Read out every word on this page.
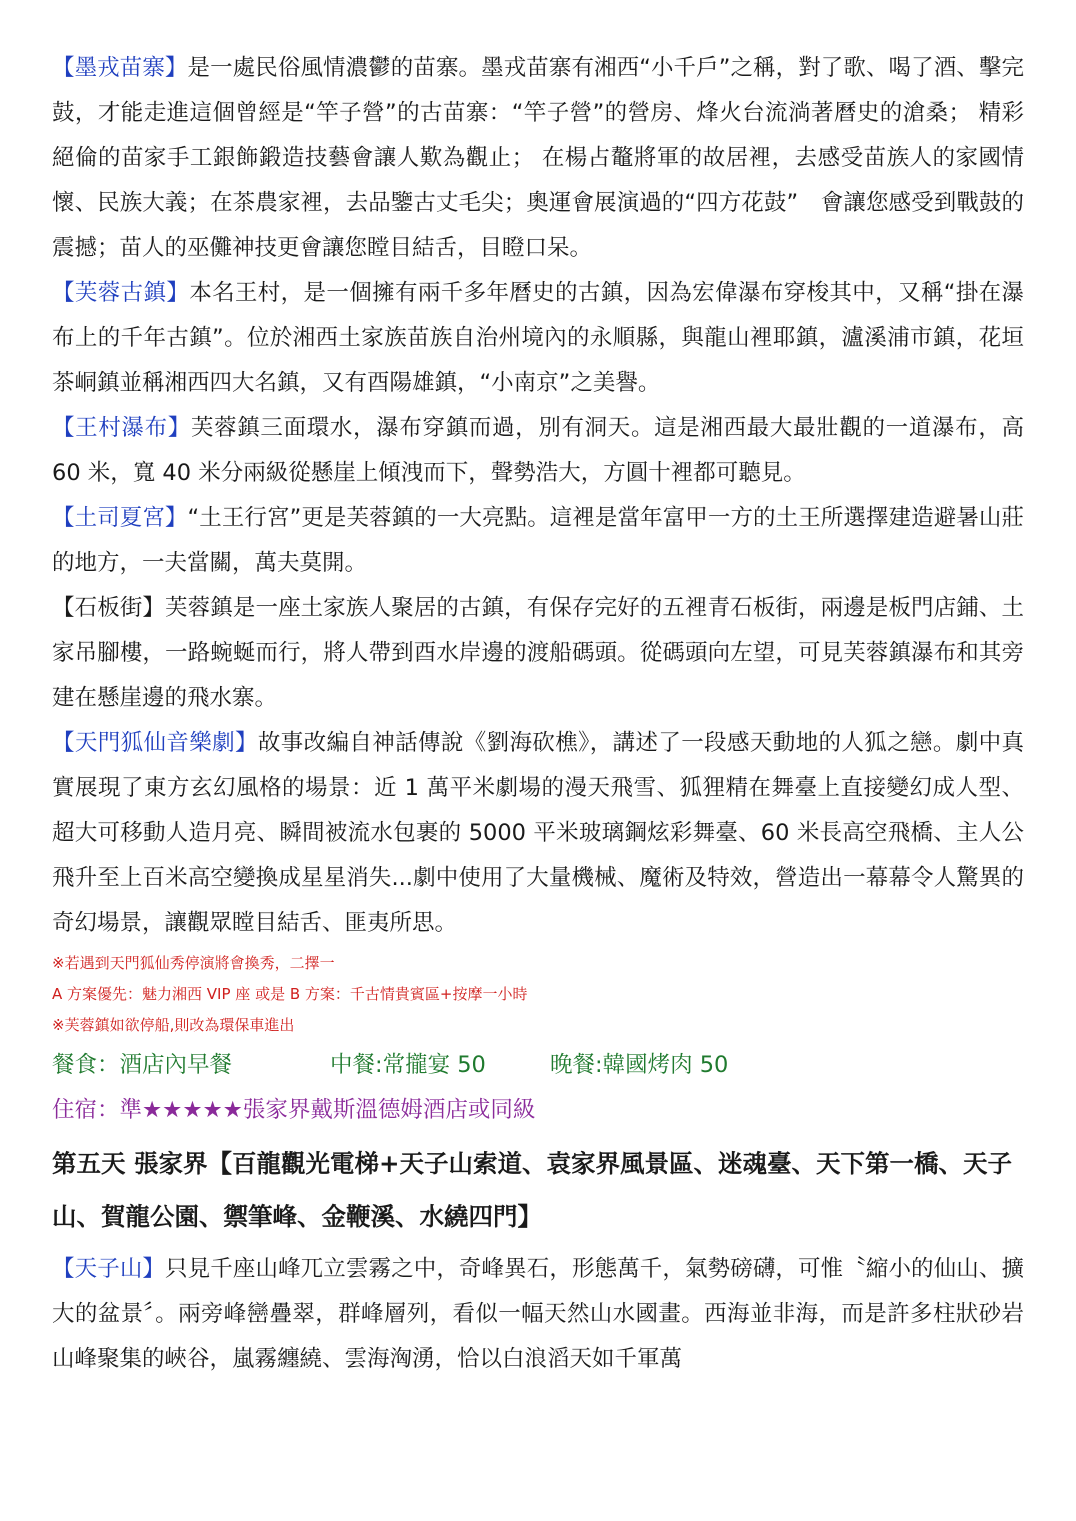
【墨戎苗寨】是一處民俗風情濃鬱的苗寨。墨戎苗寨有湘西“小千戶”之稱，對了歌、喝了酒、擊完鼓，才能走進這個曾經是“竿子營”的古苗寨：“竿子營”的營房、烽火台流淌著曆史的滄桑； 精彩絕倫的苗家手工銀飾鍛造技藝會讓人歎為觀止； 在楊占鼇將軍的故居裡，去感受苗族人的家國情懷、民族大義；在茶農家裡，去品鑒古丈毛尖；奧運會展演過的“四方花鼓”　會讓您感受到戰鼓的震撼；苗人的巫儺神技更會讓您瞠目結舌，目瞪口呆。

【芙蓉古鎮】本名王村，是一個擁有兩千多年曆史的古鎮，因為宏偉瀑布穿梭其中，又稱“掛在瀑布上的千年古鎮”。位於湘西土家族苗族自治州境內的永順縣，與龍山裡耶鎮，瀘溪浦市鎮，花垣茶峒鎮並稱湘西四大名鎮，又有酉陽雄鎮，“小南京”之美譽。

【王村瀑布】芙蓉鎮三面環水，瀑布穿鎮而過，別有洞天。這是湘西最大最壯觀的一道瀑布，高 60 米，寬 40 米分兩級從懸崖上傾洩而下，聲勢浩大，方圓十裡都可聽見。

【土司夏宮】“土王行宮”更是芙蓉鎮的一大亮點。這裡是當年富甲一方的土王所選擇建造避暑山莊的地方，一夫當關，萬夫莫開。

【石板街】芙蓉鎮是一座土家族人聚居的古鎮，有保存完好的五裡青石板街，兩邊是板門店鋪、土家吊腳樓，一路蜿蜒而行，將人帶到酉水岸邊的渡船碼頭。從碼頭向左望，可見芙蓉鎮瀑布和其旁建在懸崖邊的飛水寨。

【天門狐仙音樂劇】故事改編自神話傳說《劉海砍樵》，講述了一段感天動地的人狐之戀。劇中真實展現了東方玄幻風格的場景：近 1 萬平米劇場的漫天飛雪、狐狸精在舞臺上直接變幻成人型、超大可移動人造月亮、瞬間被流水包裹的 5000 平米玻璃鋼炫彩舞臺、60 米長高空飛橋、主人公飛升至上百米高空變換成星星消失...劇中使用了大量機械、魔術及特效，營造出一幕幕令人驚異的奇幻場景，讓觀眾瞠目結舌、匪夷所思。

※若遇到天門狐仙秀停演將會換秀，二擇一

A 方案優先：魅力湘西 VIP 座 或是 B 方案：千古情貴賓區+按摩一小時

※芙蓉鎮如欲停船,則改為環保車進出

餐食：酒店內早餐	中餐:常攏宴 50	晚餐:韓國烤肉 50

住宿：準★★★★★張家界戴斯溫德姆酒店或同級

第五天 張家界【百龍觀光電梯+天子山索道、袁家界風景區、迷魂臺、天下第一橋、天子山、賀龍公園、禦筆峰、金鞭溪、水繞四門】

【天子山】只見千座山峰兀立雲霧之中，奇峰異石，形態萬千，氣勢磅礴，可惟〝縮小的仙山、擴大的盆景〞。兩旁峰巒疊翠，群峰層列，看似一幅天然山水國畫。西海並非海，而是許多柱狀砂岩山峰聚集的峽谷，嵐霧纏繞、雲海洶湧，恰以白浪滔天如千軍萬
